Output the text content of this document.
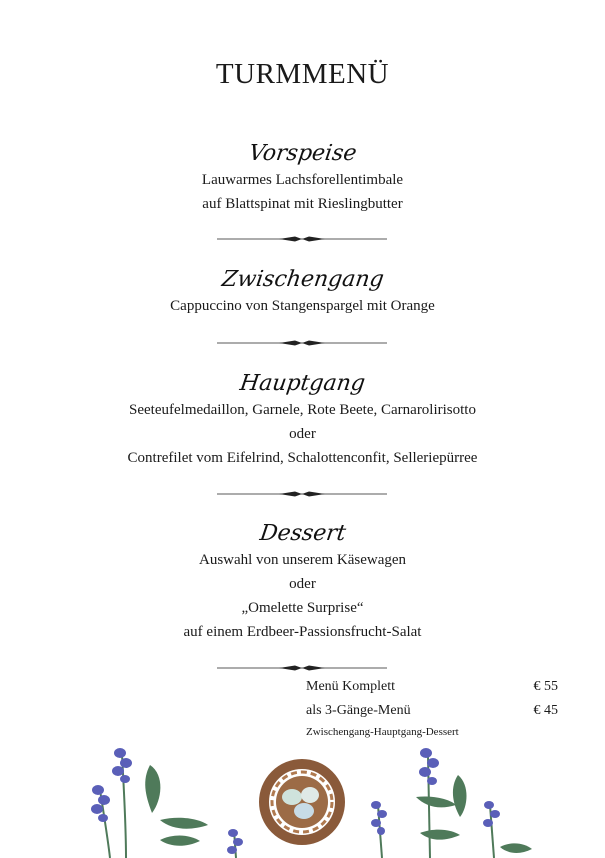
TURMMENÜ
Vorspeise
Lauwarmes Lachsforellentimbale
auf Blattspinat mit Rieslingbutter
Zwischengang
Cappuccino von Stangenspargel mit Orange
Hauptgang
Seeteufelmedaillon, Garnele, Rote Beete, Carnarolirisotto
oder
Contrefilet vom Eifelrind, Schalottenconfit, Selleriepürree
Dessert
Auswahl von unserem Käsewagen
oder
„Omelette Surprise“
auf einem Erdbeer-Passionsfrucht-Salat
Menü Komplett	€ 55
als 3-Gänge-Menü	€ 45
Zwischengang-Hauptgang-Dessert
